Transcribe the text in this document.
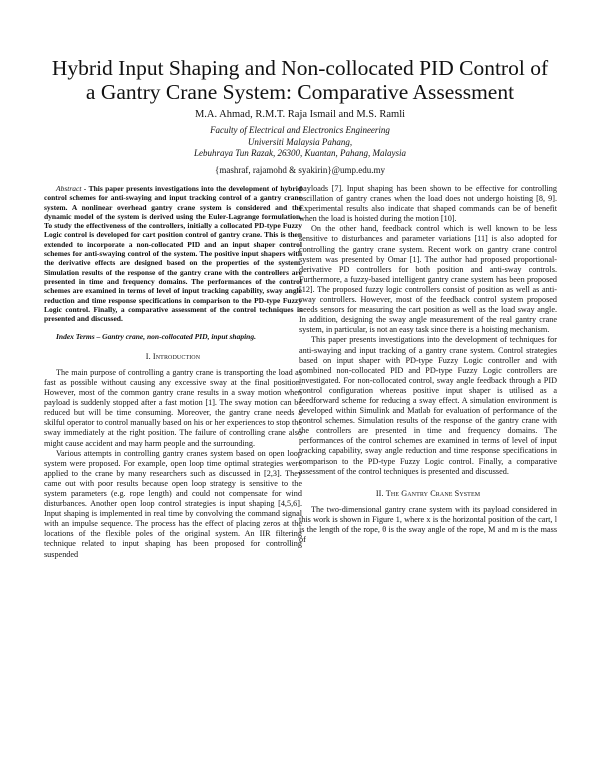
Hybrid Input Shaping and Non-collocated PID Control of
a Gantry Crane System: Comparative Assessment
M.A. Ahmad, R.M.T. Raja Ismail and M.S. Ramli
Faculty of Electrical and Electronics Engineering
Universiti Malaysia Pahang,
Lebuhraya Tun Razak, 26300, Kuantan, Pahang, Malaysia
{mashraf, rajamohd & syakirin}@ump.edu.my

Abstract - This paper presents investigations into the development of hybrid control schemes for anti-swaying and input tracking control of a gantry crane system. A nonlinear overhead gantry crane system is considered and the dynamic model of the system is derived using the Euler-Lagrange formulation. To study the effectiveness of the controllers, initially a collocated PD-type Fuzzy Logic control is developed for cart position control of gantry crane. This is then extended to incorporate a non-collocated PID and an input shaper control schemes for anti-swaying control of the system. The positive input shapers with the derivative effects are designed based on the properties of the system. Simulation results of the response of the gantry crane with the controllers are presented in time and frequency domains. The performances of the control schemes are examined in terms of level of input tracking capability, sway angle reduction and time response specifications in comparison to the PD-type Fuzzy Logic control. Finally, a comparative assessment of the control techniques is presented and discussed.

Index Terms – Gantry crane, non-collocated PID, input shaping.

I. Introduction

The main purpose of controlling a gantry crane is transporting the load as fast as possible without causing any excessive sway at the final position. However, most of the common gantry crane results in a sway motion when payload is suddenly stopped after a fast motion [1]. The sway motion can be reduced but will be time consuming. Moreover, the gantry crane needs a skilful operator to control manually based on his or her experiences to stop the sway immediately at the right position. The failure of controlling crane also might cause accident and may harm people and the surrounding.

Various attempts in controlling gantry cranes system based on open loop system were proposed. For example, open loop time optimal strategies were applied to the crane by many researchers such as discussed in [2,3]. They came out with poor results because open loop strategy is sensitive to the system parameters (e.g. rope length) and could not compensate for wind disturbances. Another open loop control strategies is input shaping [4,5,6]. Input shaping is implemented in real time by convolving the command signal with an impulse sequence. The process has the effect of placing zeros at the locations of the flexible poles of the original system. An IIR filtering technique related to input shaping has been proposed for controlling suspended

payloads [7]. Input shaping has been shown to be effective for controlling oscillation of gantry cranes when the load does not undergo hoisting [8, 9]. Experimental results also indicate that shaped commands can be of benefit when the load is hoisted during the motion [10].

On the other hand, feedback control which is well known to be less sensitive to disturbances and parameter variations [11] is also adopted for controlling the gantry crane system. Recent work on gantry crane control system was presented by Omar [1]. The author had proposed proportional-derivative PD controllers for both position and anti-sway controls. Furthermore, a fuzzy-based intelligent gantry crane system has been proposed [12]. The proposed fuzzy logic controllers consist of position as well as anti-sway controllers. However, most of the feedback control system proposed needs sensors for measuring the cart position as well as the load sway angle. In addition, designing the sway angle measurement of the real gantry crane system, in particular, is not an easy task since there is a hoisting mechanism.

This paper presents investigations into the development of techniques for anti-swaying and input tracking of a gantry crane system. Control strategies based on input shaper with PD-type Fuzzy Logic controller and with combined non-collocated PID and PD-type Fuzzy Logic controllers are investigated. For non-collocated control, sway angle feedback through a PID control configuration whereas positive input shaper is utilised as a feedforward scheme for reducing a sway effect. A simulation environment is developed within Simulink and Matlab for evaluation of performance of the control schemes. Simulation results of the response of the gantry crane with the controllers are presented in time and frequency domains. The performances of the control schemes are examined in terms of level of input tracking capability, sway angle reduction and time response specifications in comparison to the PD-type Fuzzy Logic control. Finally, a comparative assessment of the control techniques is presented and discussed.

II. The Gantry Crane System

The two-dimensional gantry crane system with its payload considered in this work is shown in Figure 1, where x is the horizontal position of the cart, l is the length of the rope, θ is the sway angle of the rope, M and m is the mass of
